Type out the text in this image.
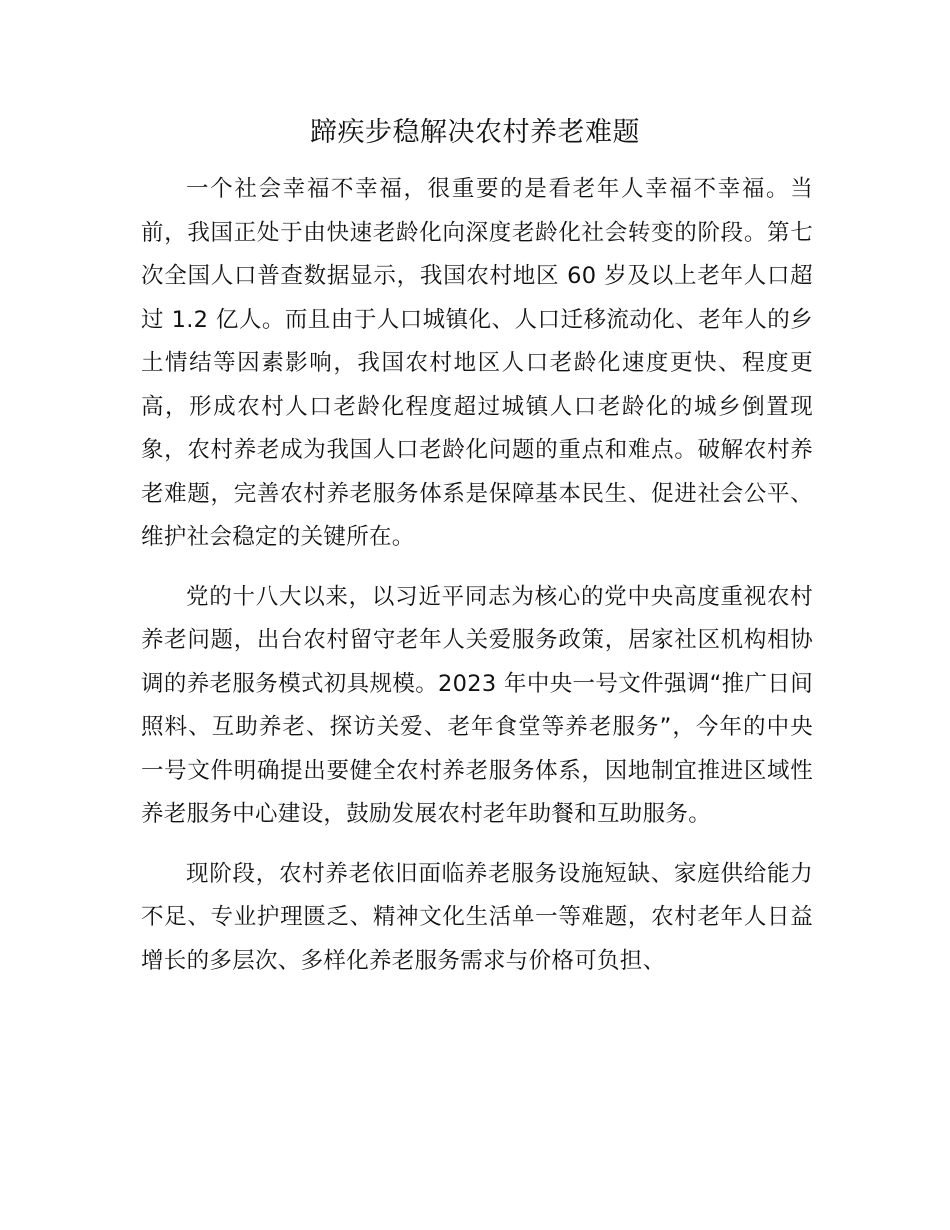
蹄疾步稳解决农村养老难题

一个社会幸福不幸福，很重要的是看老年人幸福不幸福。当前，我国正处于由快速老龄化向深度老龄化社会转变的阶段。第七次全国人口普查数据显示，我国农村地区 60 岁及以上老年人口超过 1.2 亿人。而且由于人口城镇化、人口迁移流动化、老年人的乡土情结等因素影响，我国农村地区人口老龄化速度更快、程度更高，形成农村人口老龄化程度超过城镇人口老龄化的城乡倒置现象，农村养老成为我国人口老龄化问题的重点和难点。破解农村养老难题，完善农村养老服务体系是保障基本民生、促进社会公平、维护社会稳定的关键所在。

党的十八大以来，以习近平同志为核心的党中央高度重视农村养老问题，出台农村留守老年人关爱服务政策，居家社区机构相协调的养老服务模式初具规模。2023 年中央一号文件强调“推广日间照料、互助养老、探访关爱、老年食堂等养老服务”，今年的中央一号文件明确提出要健全农村养老服务体系，因地制宜推进区域性养老服务中心建设，鼓励发展农村老年助餐和互助服务。

现阶段，农村养老依旧面临养老服务设施短缺、家庭供给能力不足、专业护理匮乏、精神文化生活单一等难题，农村老年人日益增长的多层次、多样化养老服务需求与价格可负担、
